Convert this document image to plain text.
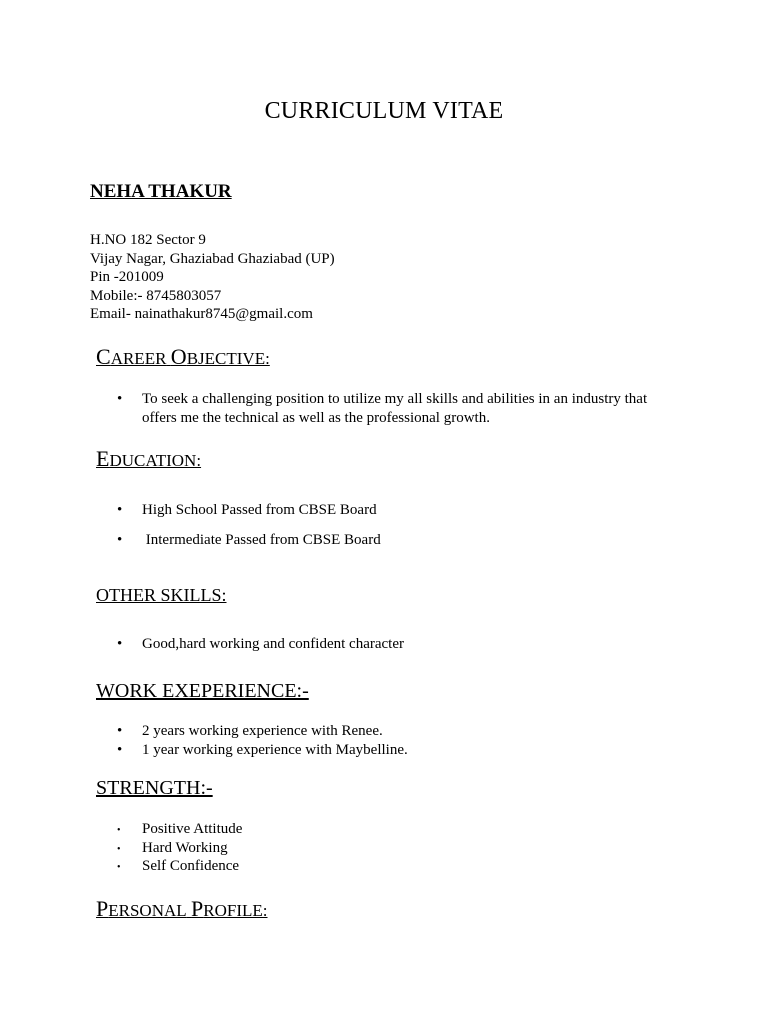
CURRICULUM VITAE
NEHA THAKUR
H.NO 182 Sector 9
Vijay Nagar, Ghaziabad Ghaziabad (UP)
Pin -201009
Mobile:- 8745803057
Email- nainathakur8745@gmail.com
CAREER OBJECTIVE:
•	To seek a challenging position to utilize my all skills and abilities in an industry that
offers me the technical as well as the professional growth.
EDUCATION:
•	High School Passed from CBSE Board
•	Intermediate Passed from CBSE Board
OTHER SKILLS:
•	Good,hard working and confident character
WORK EXEPERIENCE:-
•	2 years working experience with Renee.
•	1 year working experience with Maybelline.
STRENGTH:-
•	Positive Attitude
•	Hard Working
•	Self Confidence
PERSONAL PROFILE:
